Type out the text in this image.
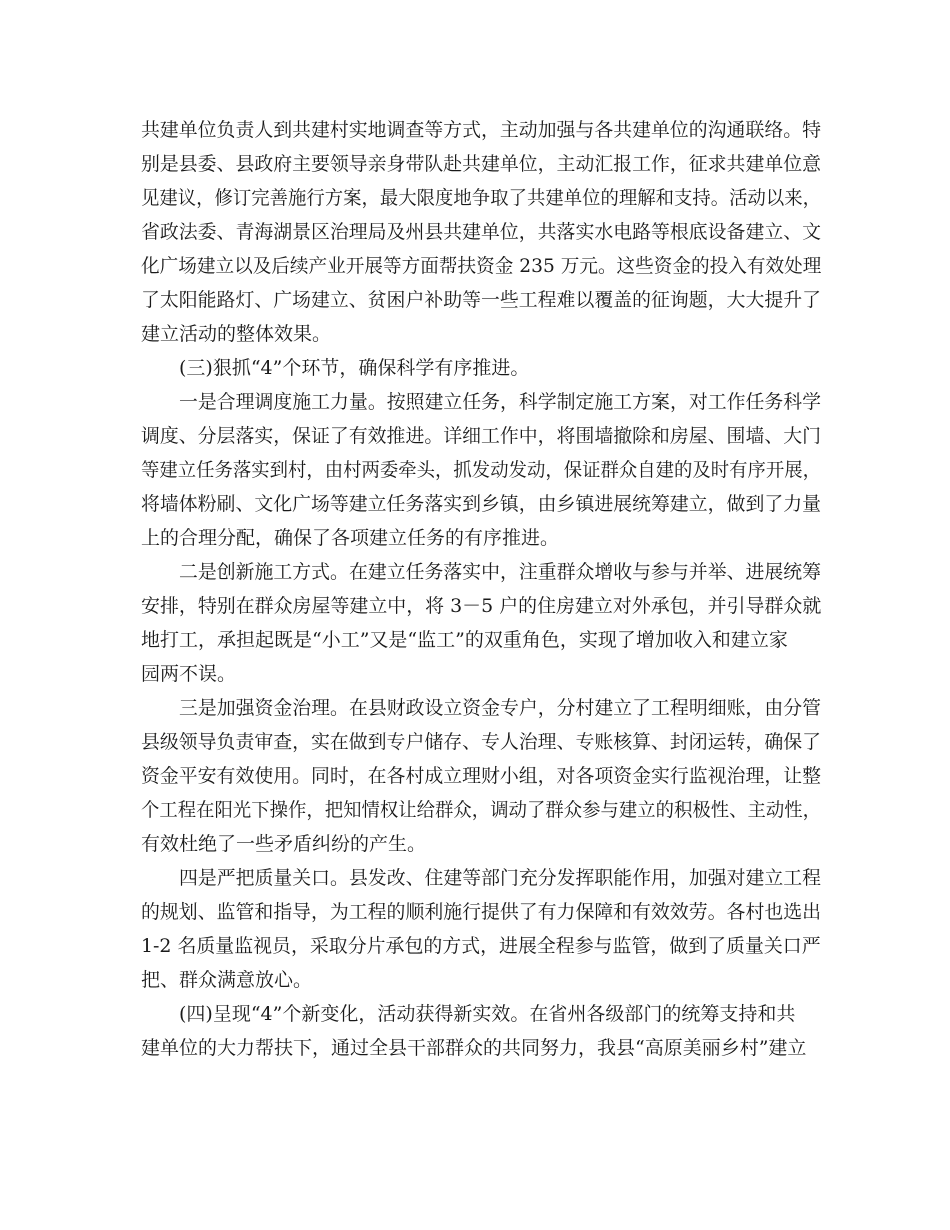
共建单位负责人到共建村实地调查等方式，主动加强与各共建单位的沟通联络。特
别是县委、县政府主要领导亲身带队赴共建单位，主动汇报工作，征求共建单位意
见建议，修订完善施行方案，最大限度地争取了共建单位的理解和支持。活动以来，
省政法委、青海湖景区治理局及州县共建单位，共落实水电路等根底设备建立、文
化广场建立以及后续产业开展等方面帮扶资金 235 万元。这些资金的投入有效处理
了太阳能路灯、广场建立、贫困户补助等一些工程难以覆盖的征询题，大大提升了
建立活动的整体效果。
(三)狠抓“4”个环节，确保科学有序推进。
一是合理调度施工力量。按照建立任务，科学制定施工方案，对工作任务科学
调度、分层落实，保证了有效推进。详细工作中，将围墙撤除和房屋、围墙、大门
等建立任务落实到村，由村两委牵头，抓发动发动，保证群众自建的及时有序开展，
将墙体粉刷、文化广场等建立任务落实到乡镇，由乡镇进展统筹建立，做到了力量
上的合理分配，确保了各项建立任务的有序推进。
二是创新施工方式。在建立任务落实中，注重群众增收与参与并举、进展统筹
安排，特别在群众房屋等建立中，将 3－5 户的住房建立对外承包，并引导群众就
地打工，承担起既是“小工”又是“监工”的双重角色，实现了增加收入和建立家
园两不误。
三是加强资金治理。在县财政设立资金专户，分村建立了工程明细账，由分管
县级领导负责审查，实在做到专户储存、专人治理、专账核算、封闭运转，确保了
资金平安有效使用。同时，在各村成立理财小组，对各项资金实行监视治理，让整
个工程在阳光下操作，把知情权让给群众，调动了群众参与建立的积极性、主动性，
有效杜绝了一些矛盾纠纷的产生。
四是严把质量关口。县发改、住建等部门充分发挥职能作用，加强对建立工程
的规划、监管和指导，为工程的顺利施行提供了有力保障和有效效劳。各村也选出
1-2 名质量监视员，采取分片承包的方式，进展全程参与监管，做到了质量关口严
把、群众满意放心。
(四)呈现“4”个新变化，活动获得新实效。在省州各级部门的统筹支持和共
建单位的大力帮扶下，通过全县干部群众的共同努力，我县“高原美丽乡村”建立
